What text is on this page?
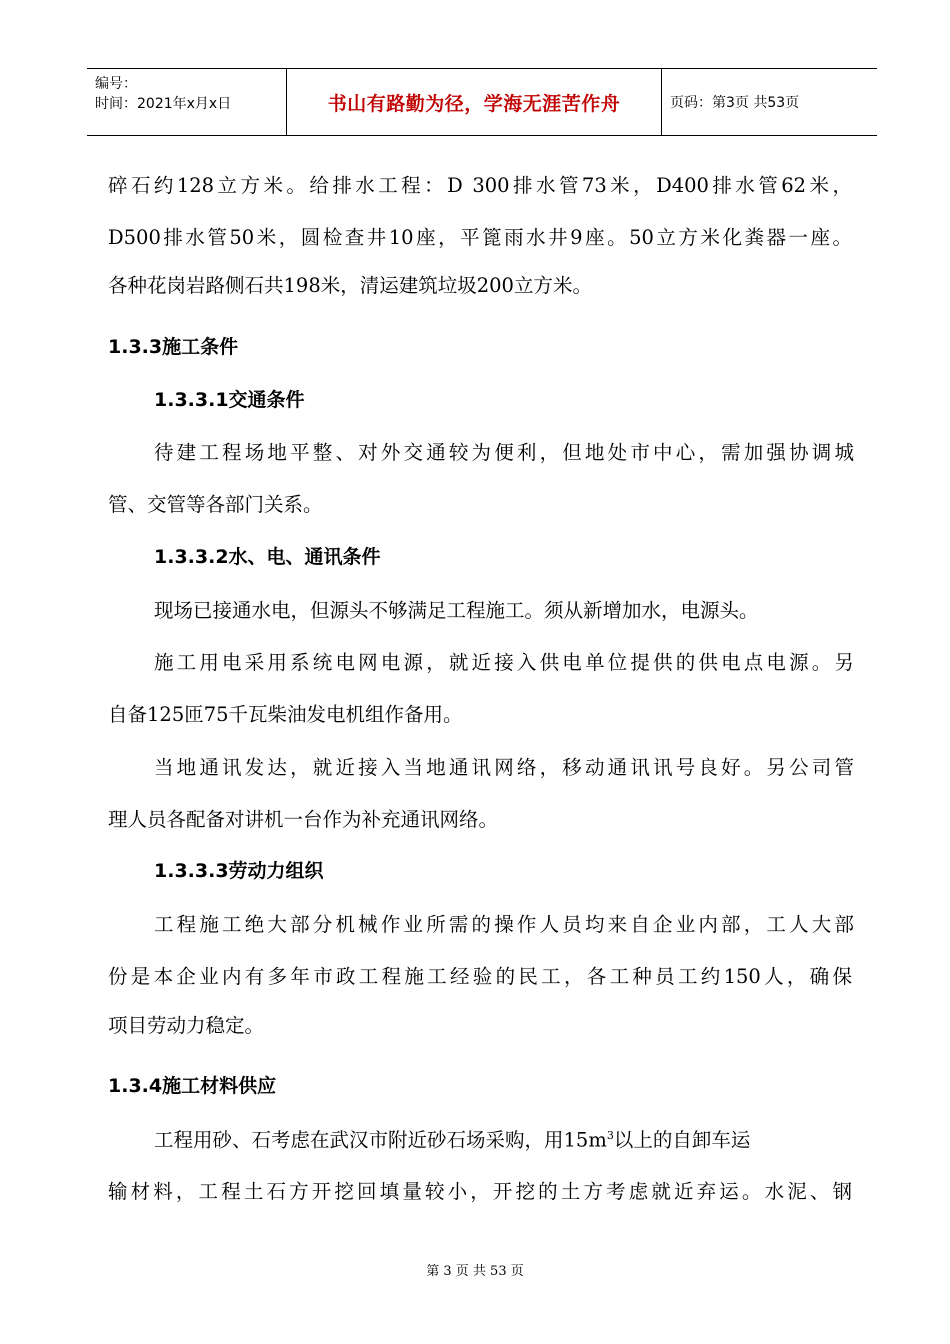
编号：
时间：2021年x月x日	书山有路勤为径，学海无涯苦作舟	页码：第3页 共53页
碎石约128立方米。给排水工程：D 300排水管73米，D400排水管62米，
D500排水管50米，圆检查井10座，平篦雨水井9座。50立方米化粪器一座。
各种花岗岩路侧石共198米，清运建筑垃圾200立方米。
1.3.3施工条件
1.3.3.1交通条件
待建工程场地平整、对外交通较为便利，但地处市中心，需加强协调城
管、交管等各部门关系。
1.3.3.2水、电、通讯条件
现场已接通水电，但源头不够满足工程施工。须从新增加水，电源头。
施工用电采用系统电网电源，就近接入供电单位提供的供电点电源。另
自备125匝75千瓦柴油发电机组作备用。
当地通讯发达，就近接入当地通讯网络，移动通讯讯号良好。另公司管
理人员各配备对讲机一台作为补充通讯网络。
1.3.3.3劳动力组织
工程施工绝大部分机械作业所需的操作人员均来自企业内部，工人大部
份是本企业内有多年市政工程施工经验的民工，各工种员工约150人，确保
项目劳动力稳定。
1.3.4施工材料供应
工程用砂、石考虑在武汉市附近砂石场采购，用$15m^3$以上的自卸车运
输材料，工程土石方开挖回填量较小，开挖的土方考虑就近弃运。水泥、钢
第 3 页 共 53 页
